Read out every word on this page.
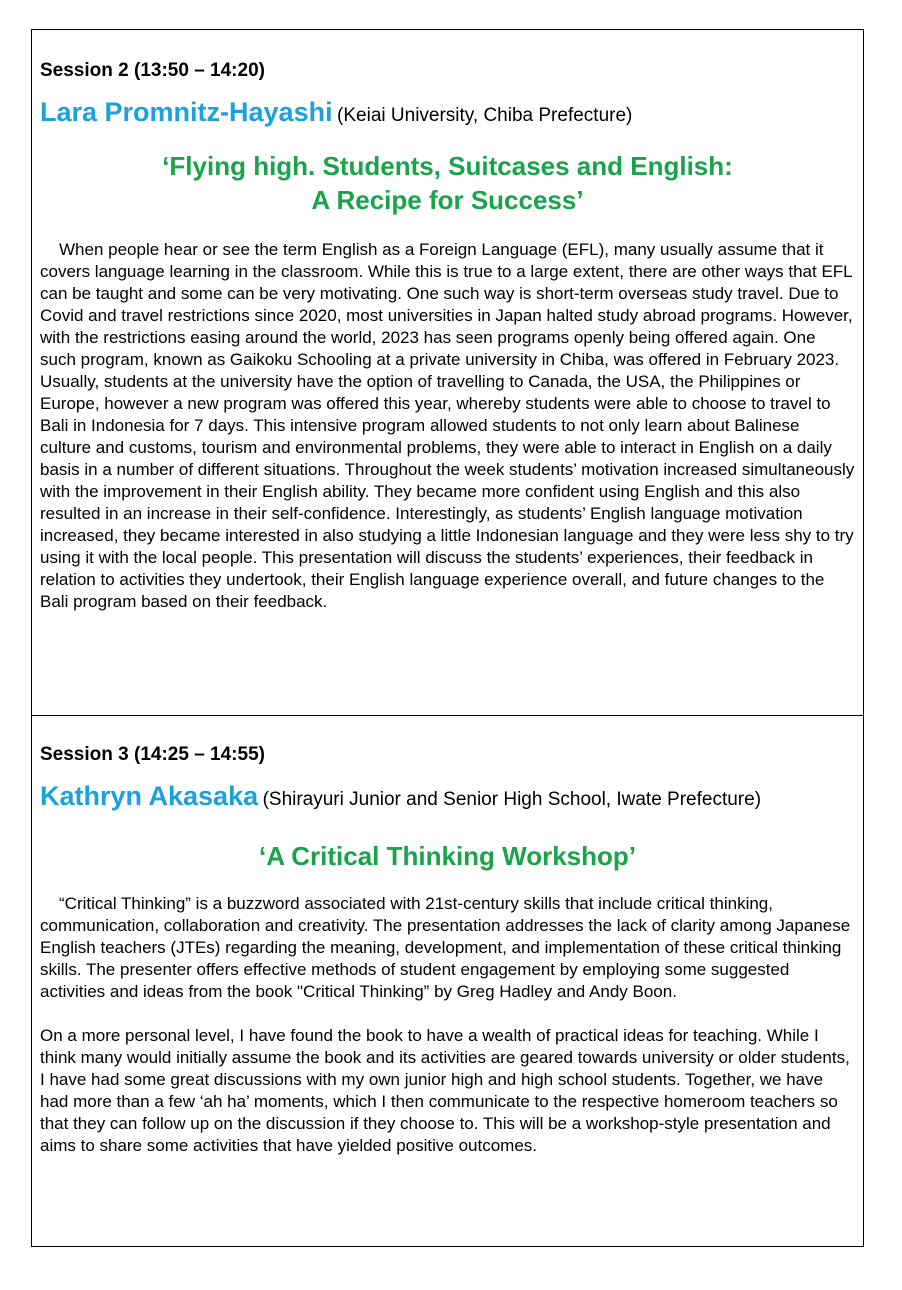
Session 2 (13:50 – 14:20)

Lara Promnitz-Hayashi (Keiai University, Chiba Prefecture)
‘Flying high. Students, Suitcases and English:
A Recipe for Success’

When people hear or see the term English as a Foreign Language (EFL), many usually assume that it covers language learning in the classroom. While this is true to a large extent, there are other ways that EFL can be taught and some can be very motivating. One such way is short-term overseas study travel. Due to Covid and travel restrictions since 2020, most universities in Japan halted study abroad programs. However, with the restrictions easing around the world, 2023 has seen programs openly being offered again. One such program, known as Gaikoku Schooling at a private university in Chiba, was offered in February 2023. Usually, students at the university have the option of travelling to Canada, the USA, the Philippines or Europe, however a new program was offered this year, whereby students were able to choose to travel to Bali in Indonesia for 7 days. This intensive program allowed students to not only learn about Balinese culture and customs, tourism and environmental problems, they were able to interact in English on a daily basis in a number of different situations. Throughout the week students’ motivation increased simultaneously with the improvement in their English ability. They became more confident using English and this also resulted in an increase in their self-confidence. Interestingly, as students’ English language motivation increased, they became interested in also studying a little Indonesian language and they were less shy to try using it with the local people. This presentation will discuss the students’ experiences, their feedback in relation to activities they undertook, their English language experience overall, and future changes to the Bali program based on their feedback.

Session 3 (14:25 – 14:55)

Kathryn Akasaka (Shirayuri Junior and Senior High School, Iwate Prefecture)
‘A Critical Thinking Workshop’

“Critical Thinking” is a buzzword associated with 21st-century skills that include critical thinking, communication, collaboration and creativity. The presentation addresses the lack of clarity among Japanese English teachers (JTEs) regarding the meaning, development, and implementation of these critical thinking skills. The presenter offers effective methods of student engagement by employing some suggested activities and ideas from the book "Critical Thinking” by Greg Hadley and Andy Boon.

On a more personal level, I have found the book to have a wealth of practical ideas for teaching. While I think many would initially assume the book and its activities are geared towards university or older students, I have had some great discussions with my own junior high and high school students. Together, we have had more than a few ‘ah ha’ moments, which I then communicate to the respective homeroom teachers so that they can follow up on the discussion if they choose to. This will be a workshop-style presentation and aims to share some activities that have yielded positive outcomes.
